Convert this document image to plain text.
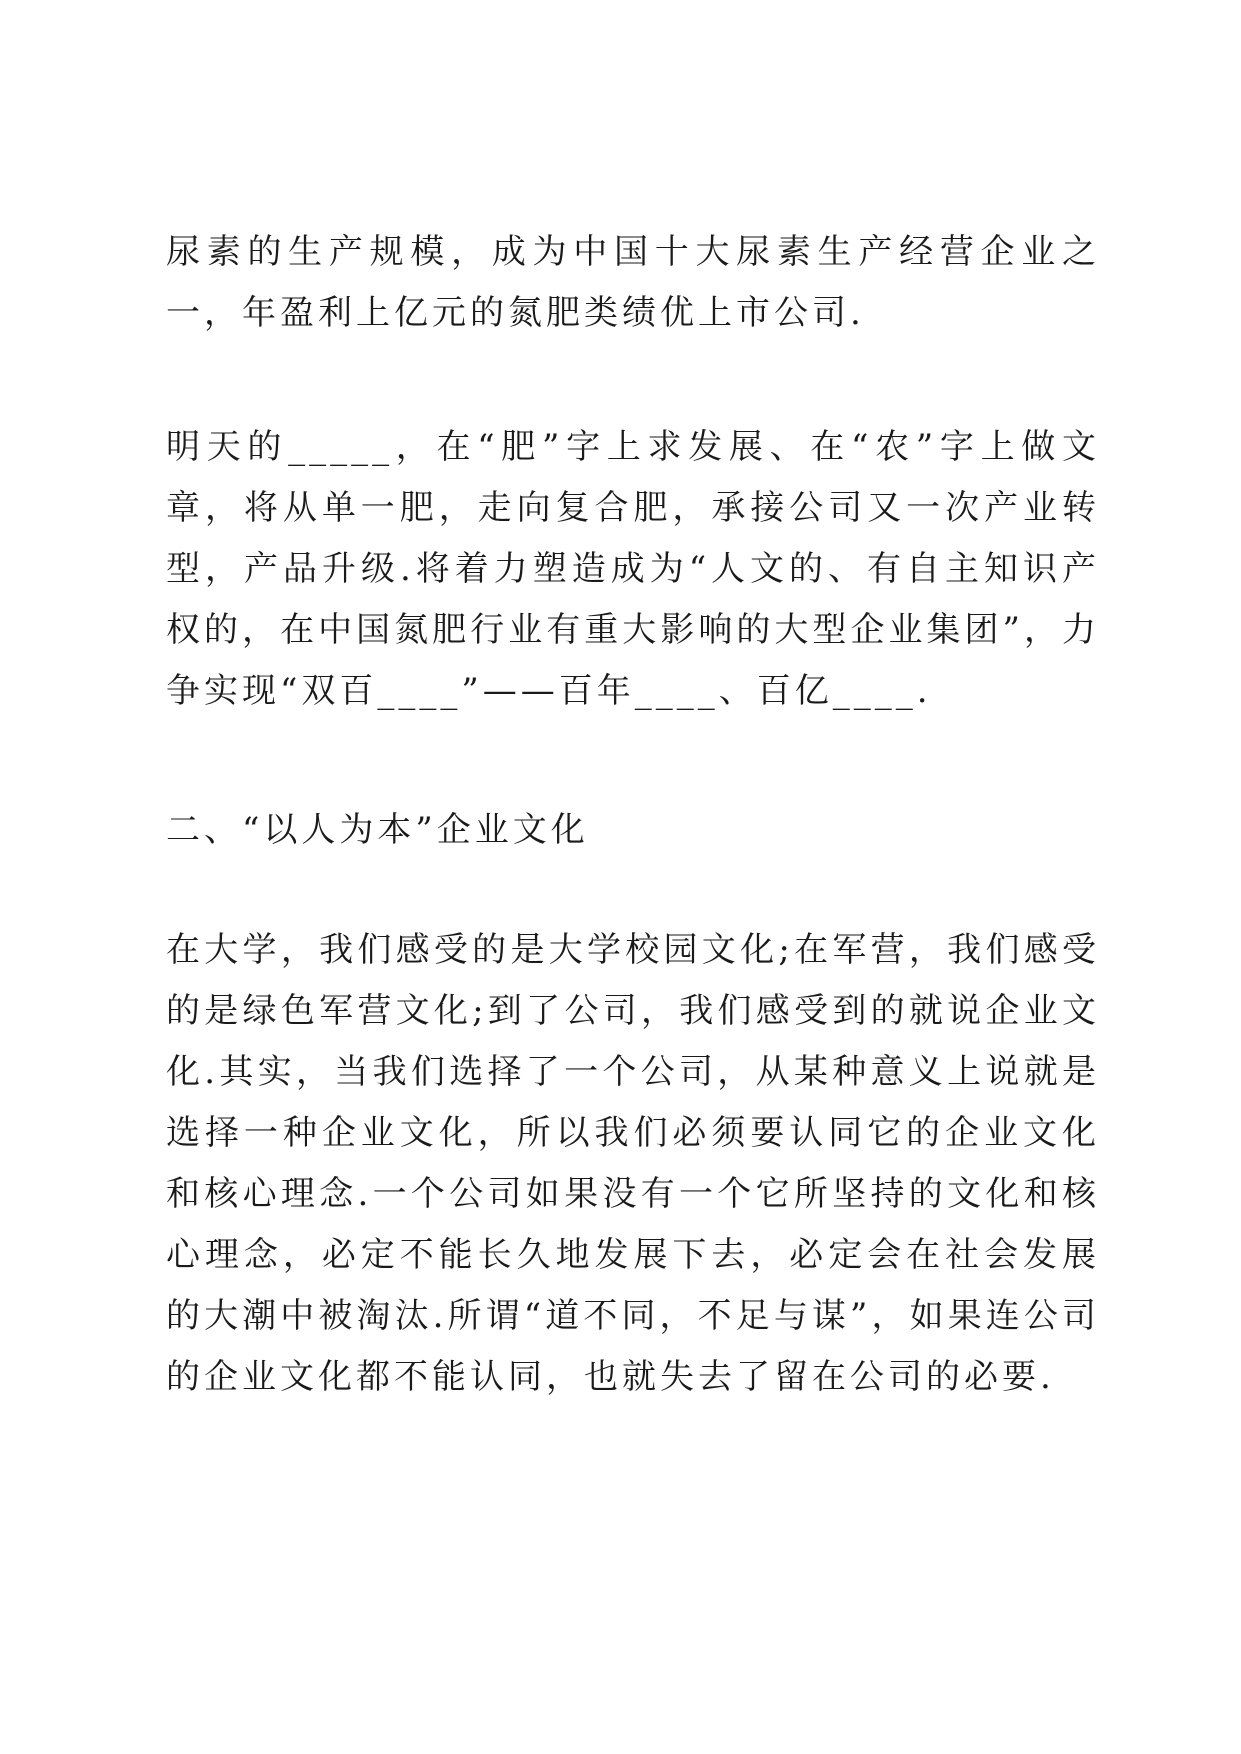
尿素的生产规模，成为中国十大尿素生产经营企业之一，年盈利上亿元的氮肥类绩优上市公司.

明天的_____，在“肥”字上求发展、在“农”字上做文章，将从单一肥，走向复合肥，承接公司又一次产业转型，产品升级.将着力塑造成为“人文的、有自主知识产权的，在中国氮肥行业有重大影响的大型企业集团”，力争实现“双百____”——百年____、百亿____.

二、“以人为本”企业文化

在大学，我们感受的是大学校园文化;在军营，我们感受的是绿色军营文化;到了公司，我们感受到的就说企业文化.其实，当我们选择了一个公司，从某种意义上说就是选择一种企业文化，所以我们必须要认同它的企业文化和核心理念.一个公司如果没有一个它所坚持的文化和核心理念，必定不能长久地发展下去，必定会在社会发展的大潮中被淘汰.所谓“道不同，不足与谋”，如果连公司的企业文化都不能认同，也就失去了留在公司的必要.
